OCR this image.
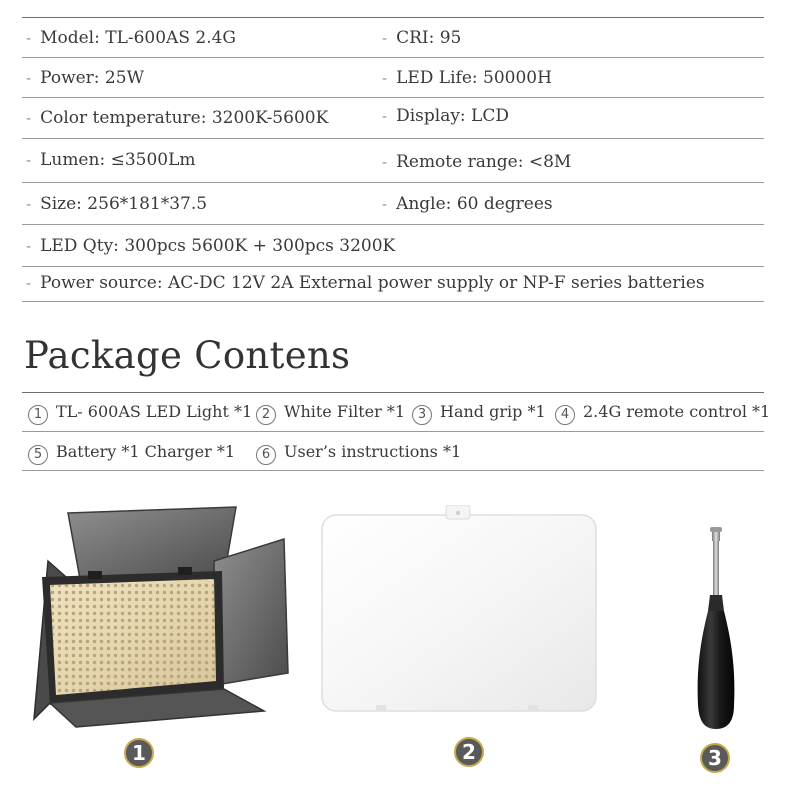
- Model: TL-600AS 2.4G	- CRI: 95
- Power: 25W	- LED Life: 50000H
- Color temperature: 3200K-5600K	- Display: LCD
- Lumen: ≤3500Lm	- Remote range: <8M
- Size: 256*181*37.5	- Angle: 60 degrees
- LED Qty: 300pcs 5600K + 300pcs 3200K
- Power source: AC-DC 12V 2A External power supply or NP-F series batteries
Package Contens
1 TL- 600AS LED Light *1 2 White Filter *1 3 Hand grip *1	4 2.4G remote control *1
5 Battery *1 Charger *1	6 User’s instructions *1
1	2	3
